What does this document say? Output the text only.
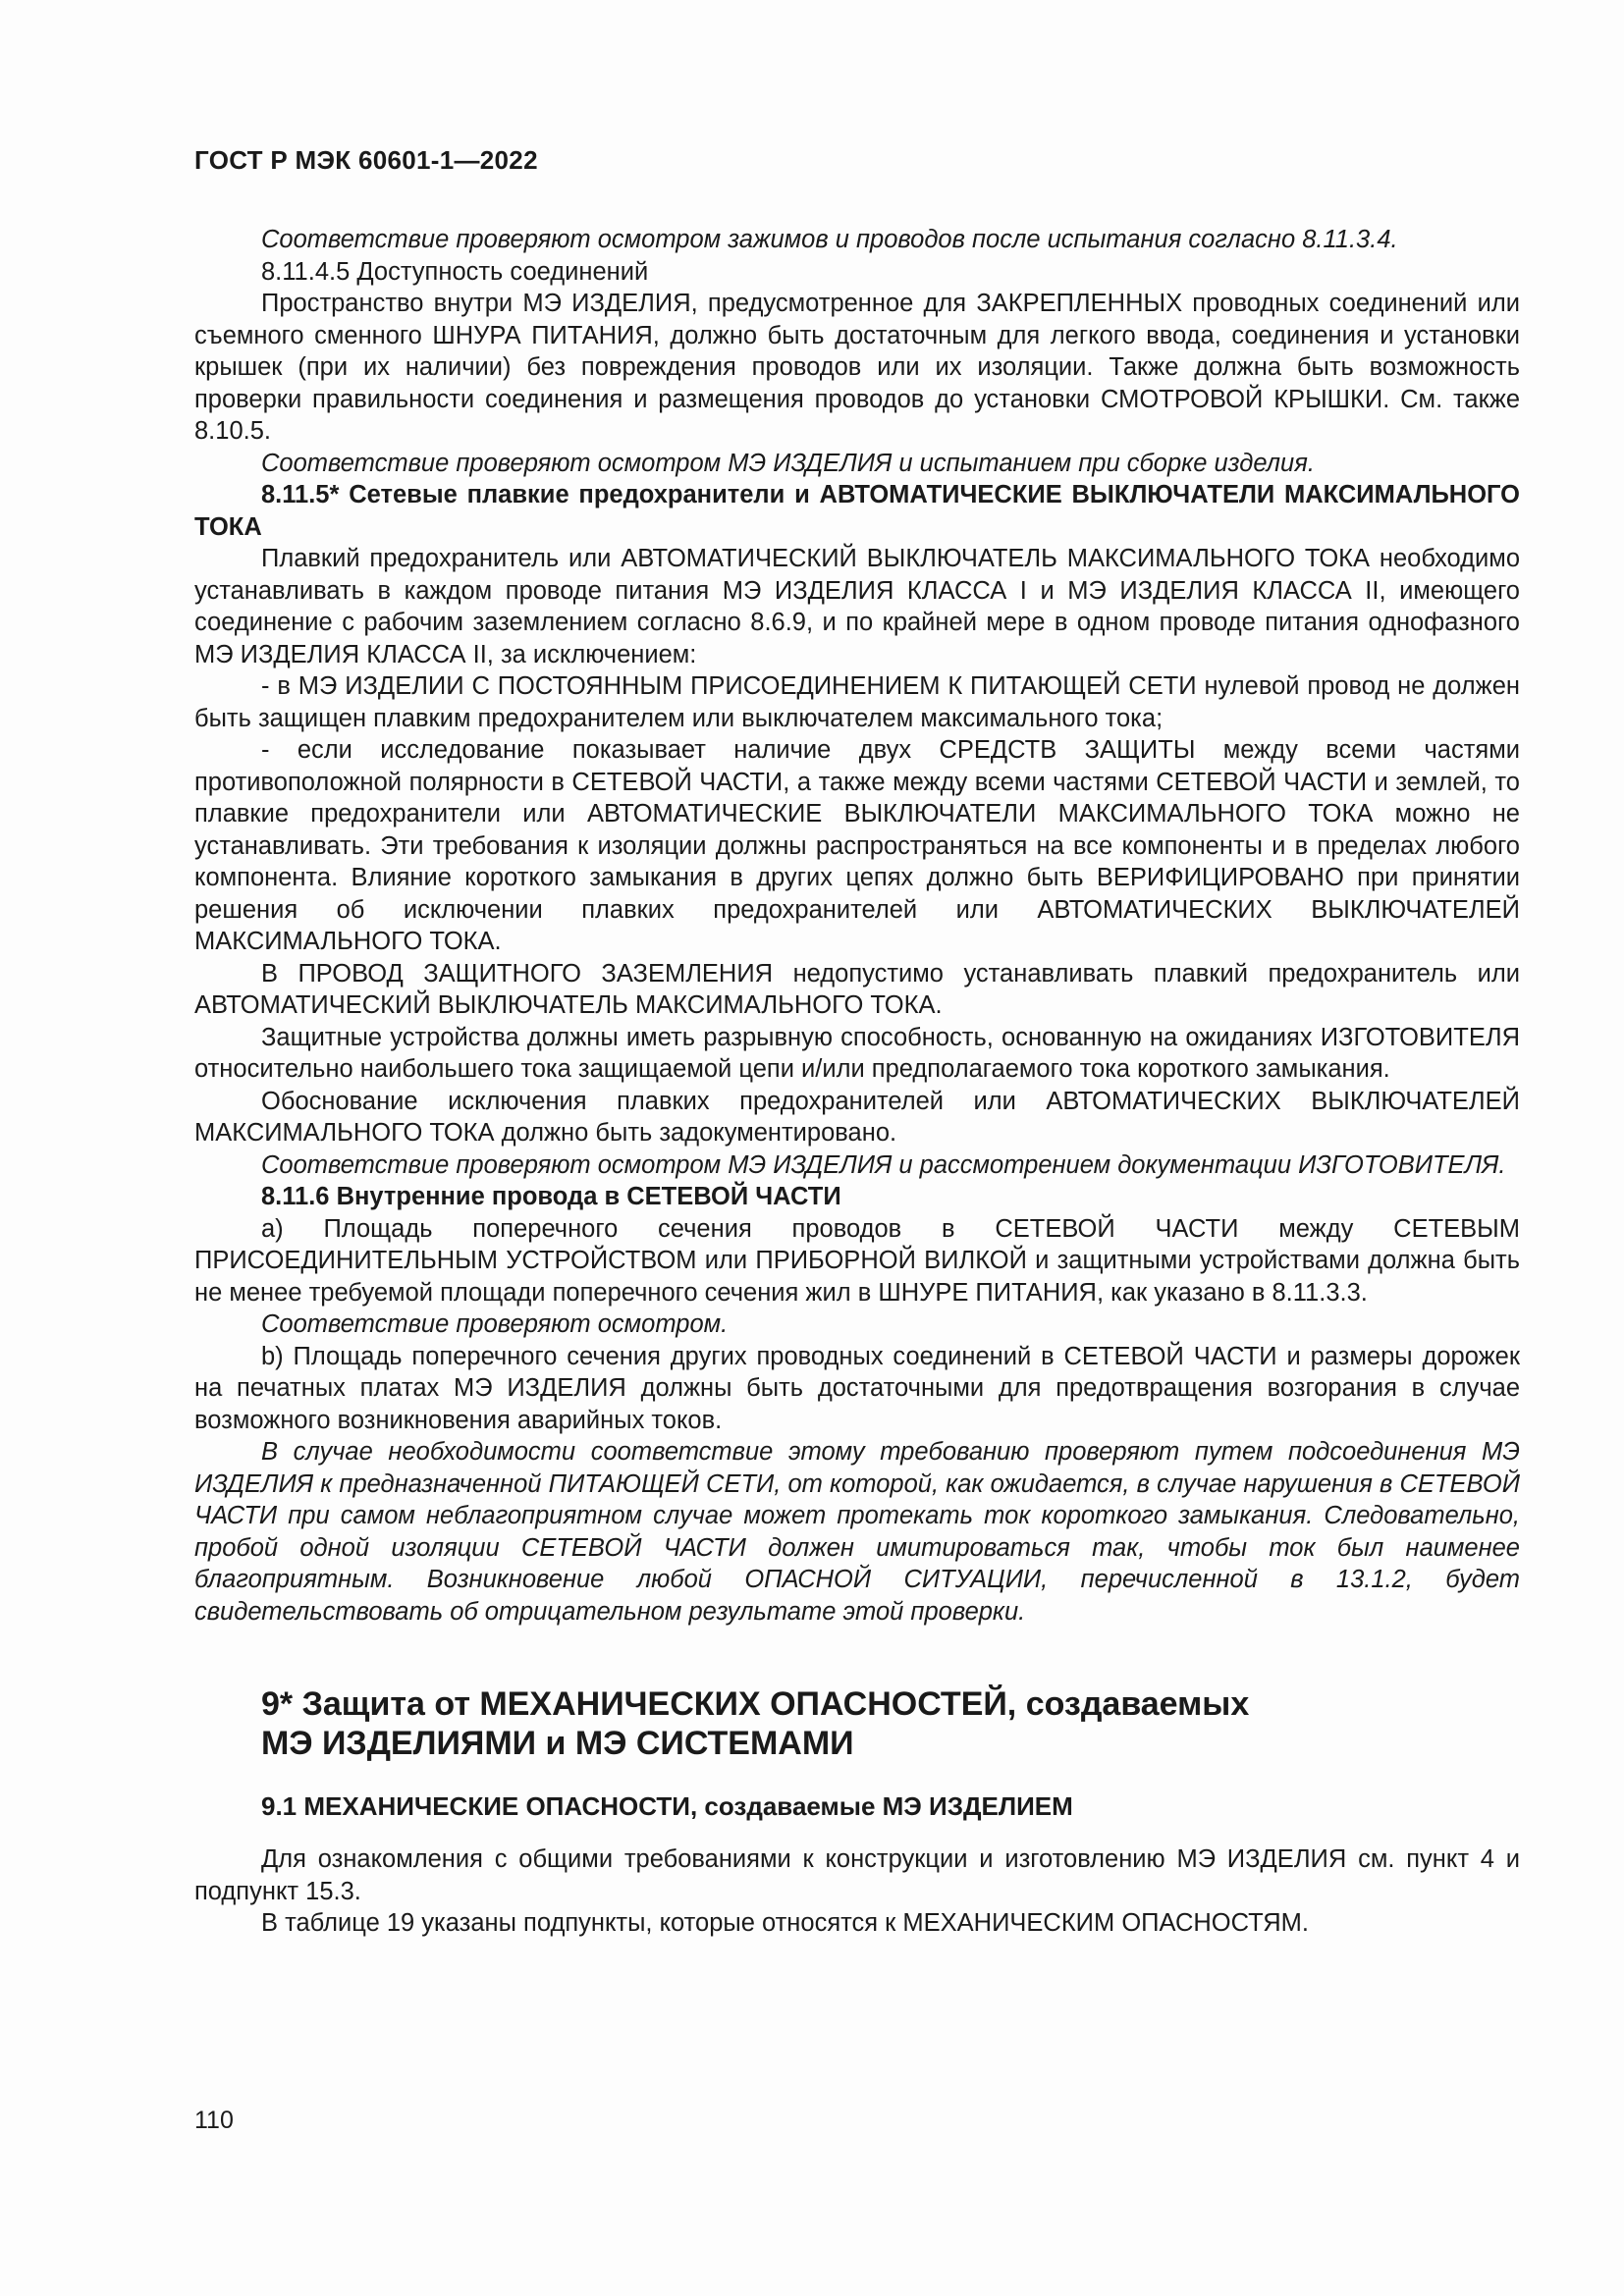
ГОСТ Р МЭК 60601-1—2022

Соответствие проверяют осмотром зажимов и проводов после испытания согласно 8.11.3.4.

8.11.4.5 Доступность соединений

Пространство внутри МЭ ИЗДЕЛИЯ, предусмотренное для ЗАКРЕПЛЕННЫХ проводных соединений или съемного сменного ШНУРА ПИТАНИЯ, должно быть достаточным для легкого ввода, соединения и установки крышек (при их наличии) без повреждения проводов или их изоляции. Также должна быть возможность проверки правильности соединения и размещения проводов до установки СМОТРОВОЙ КРЫШКИ. См. также 8.10.5.

Соответствие проверяют осмотром МЭ ИЗДЕЛИЯ и испытанием при сборке изделия.

8.11.5* Сетевые плавкие предохранители и АВТОМАТИЧЕСКИЕ ВЫКЛЮЧАТЕЛИ МАКСИМАЛЬНОГО ТОКА

Плавкий предохранитель или АВТОМАТИЧЕСКИЙ ВЫКЛЮЧАТЕЛЬ МАКСИМАЛЬНОГО ТОКА необходимо устанавливать в каждом проводе питания МЭ ИЗДЕЛИЯ КЛАССА I и МЭ ИЗДЕЛИЯ КЛАССА II, имеющего соединение с рабочим заземлением согласно 8.6.9, и по крайней мере в одном проводе питания однофазного МЭ ИЗДЕЛИЯ КЛАССА II, за исключением:

- в МЭ ИЗДЕЛИИ С ПОСТОЯННЫМ ПРИСОЕДИНЕНИЕМ К ПИТАЮЩЕЙ СЕТИ нулевой провод не должен быть защищен плавким предохранителем или выключателем максимального тока;

- если исследование показывает наличие двух СРЕДСТВ ЗАЩИТЫ между всеми частями противоположной полярности в СЕТЕВОЙ ЧАСТИ, а также между всеми частями СЕТЕВОЙ ЧАСТИ и землей, то плавкие предохранители или АВТОМАТИЧЕСКИЕ ВЫКЛЮЧАТЕЛИ МАКСИМАЛЬНОГО ТОКА можно не устанавливать. Эти требования к изоляции должны распространяться на все компоненты и в пределах любого компонента. Влияние короткого замыкания в других цепях должно быть ВЕРИФИЦИРОВАНО при принятии решения об исключении плавких предохранителей или АВТОМАТИЧЕСКИХ ВЫКЛЮЧАТЕЛЕЙ МАКСИМАЛЬНОГО ТОКА.

В ПРОВОД ЗАЩИТНОГО ЗАЗЕМЛЕНИЯ недопустимо устанавливать плавкий предохранитель или АВТОМАТИЧЕСКИЙ ВЫКЛЮЧАТЕЛЬ МАКСИМАЛЬНОГО ТОКА.

Защитные устройства должны иметь разрывную способность, основанную на ожиданиях ИЗГОТОВИТЕЛЯ относительно наибольшего тока защищаемой цепи и/или предполагаемого тока короткого замыкания.

Обоснование исключения плавких предохранителей или АВТОМАТИЧЕСКИХ ВЫКЛЮЧАТЕЛЕЙ МАКСИМАЛЬНОГО ТОКА должно быть задокументировано.

Соответствие проверяют осмотром МЭ ИЗДЕЛИЯ и рассмотрением документации ИЗГОТОВИТЕЛЯ.

8.11.6 Внутренние провода в СЕТЕВОЙ ЧАСТИ

а) Площадь поперечного сечения проводов в СЕТЕВОЙ ЧАСТИ между СЕТЕВЫМ ПРИСОЕДИНИТЕЛЬНЫМ УСТРОЙСТВОМ или ПРИБОРНОЙ ВИЛКОЙ и защитными устройствами должна быть не менее требуемой площади поперечного сечения жил в ШНУРЕ ПИТАНИЯ, как указано в 8.11.3.3.

Соответствие проверяют осмотром.

b) Площадь поперечного сечения других проводных соединений в СЕТЕВОЙ ЧАСТИ и размеры дорожек на печатных платах МЭ ИЗДЕЛИЯ должны быть достаточными для предотвращения возгорания в случае возможного возникновения аварийных токов.

В случае необходимости соответствие этому требованию проверяют путем подсоединения МЭ ИЗДЕЛИЯ к предназначенной ПИТАЮЩЕЙ СЕТИ, от которой, как ожидается, в случае нарушения в СЕТЕВОЙ ЧАСТИ при самом неблагоприятном случае может протекать ток короткого замыкания. Следовательно, пробой одной изоляции СЕТЕВОЙ ЧАСТИ должен имитироваться так, чтобы ток был наименее благоприятным. Возникновение любой ОПАСНОЙ СИТУАЦИИ, перечисленной в 13.1.2, будет свидетельствовать об отрицательном результате этой проверки.

9* Защита от МЕХАНИЧЕСКИХ ОПАСНОСТЕЙ, создаваемых
МЭ ИЗДЕЛИЯМИ и МЭ СИСТЕМАМИ
9.1 МЕХАНИЧЕСКИЕ ОПАСНОСТИ, создаваемые МЭ ИЗДЕЛИЕМ

Для ознакомления с общими требованиями к конструкции и изготовлению МЭ ИЗДЕЛИЯ см. пункт 4 и подпункт 15.3.

В таблице 19 указаны подпункты, которые относятся к МЕХАНИЧЕСКИМ ОПАСНОСТЯМ.

110
